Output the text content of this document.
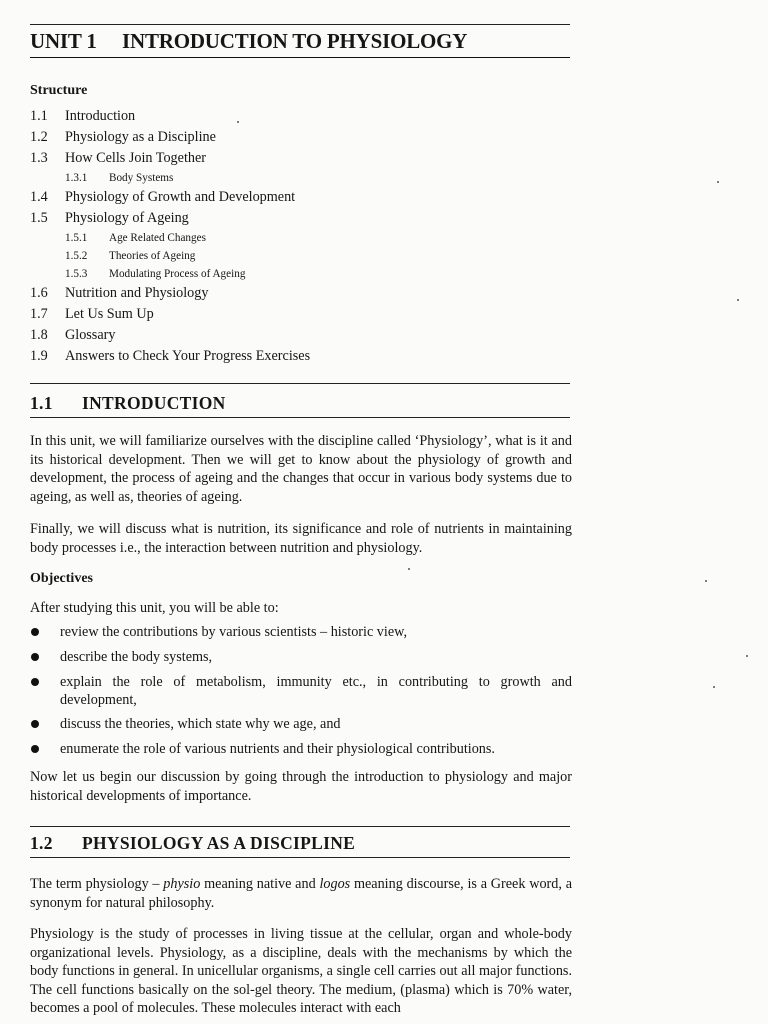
UNIT 1 INTRODUCTION TO PHYSIOLOGY
Structure
1.1 Introduction
1.2 Physiology as a Discipline
1.3 How Cells Join Together
1.3.1 Body Systems
1.4 Physiology of Growth and Development
1.5 Physiology of Ageing
1.5.1 Age Related Changes
1.5.2 Theories of Ageing
1.5.3 Modulating Process of Ageing
1.6 Nutrition and Physiology
1.7 Let Us Sum Up
1.8 Glossary
1.9 Answers to Check Your Progress Exercises
1.1 INTRODUCTION
In this unit, we will familiarize ourselves with the discipline called ‘Physiology’, what is it and its historical development. Then we will get to know about the physiology of growth and development, the process of ageing and the changes that occur in various body systems due to ageing, as well as, theories of ageing.
Finally, we will discuss what is nutrition, its significance and role of nutrients in maintaining body processes i.e., the interaction between nutrition and physiology.
Objectives
After studying this unit, you will be able to:
review the contributions by various scientists – historic view,
describe the body systems,
explain the role of metabolism, immunity etc., in contributing to growth and development,
discuss the theories, which state why we age, and
enumerate the role of various nutrients and their physiological contributions.
Now let us begin our discussion by going through the introduction to physiology and major historical developments of importance.
1.2 PHYSIOLOGY AS A DISCIPLINE
The term physiology – physio meaning native and logos meaning discourse, is a Greek word, a synonym for natural philosophy.
Physiology is the study of processes in living tissue at the cellular, organ and whole-body organizational levels. Physiology, as a discipline, deals with the mechanisms by which the body functions in general. In unicellular organisms, a single cell carries out all major functions. The cell functions basically on the sol-gel theory. The medium, (plasma) which is 70% water, becomes a pool of molecules. These molecules interact with each
